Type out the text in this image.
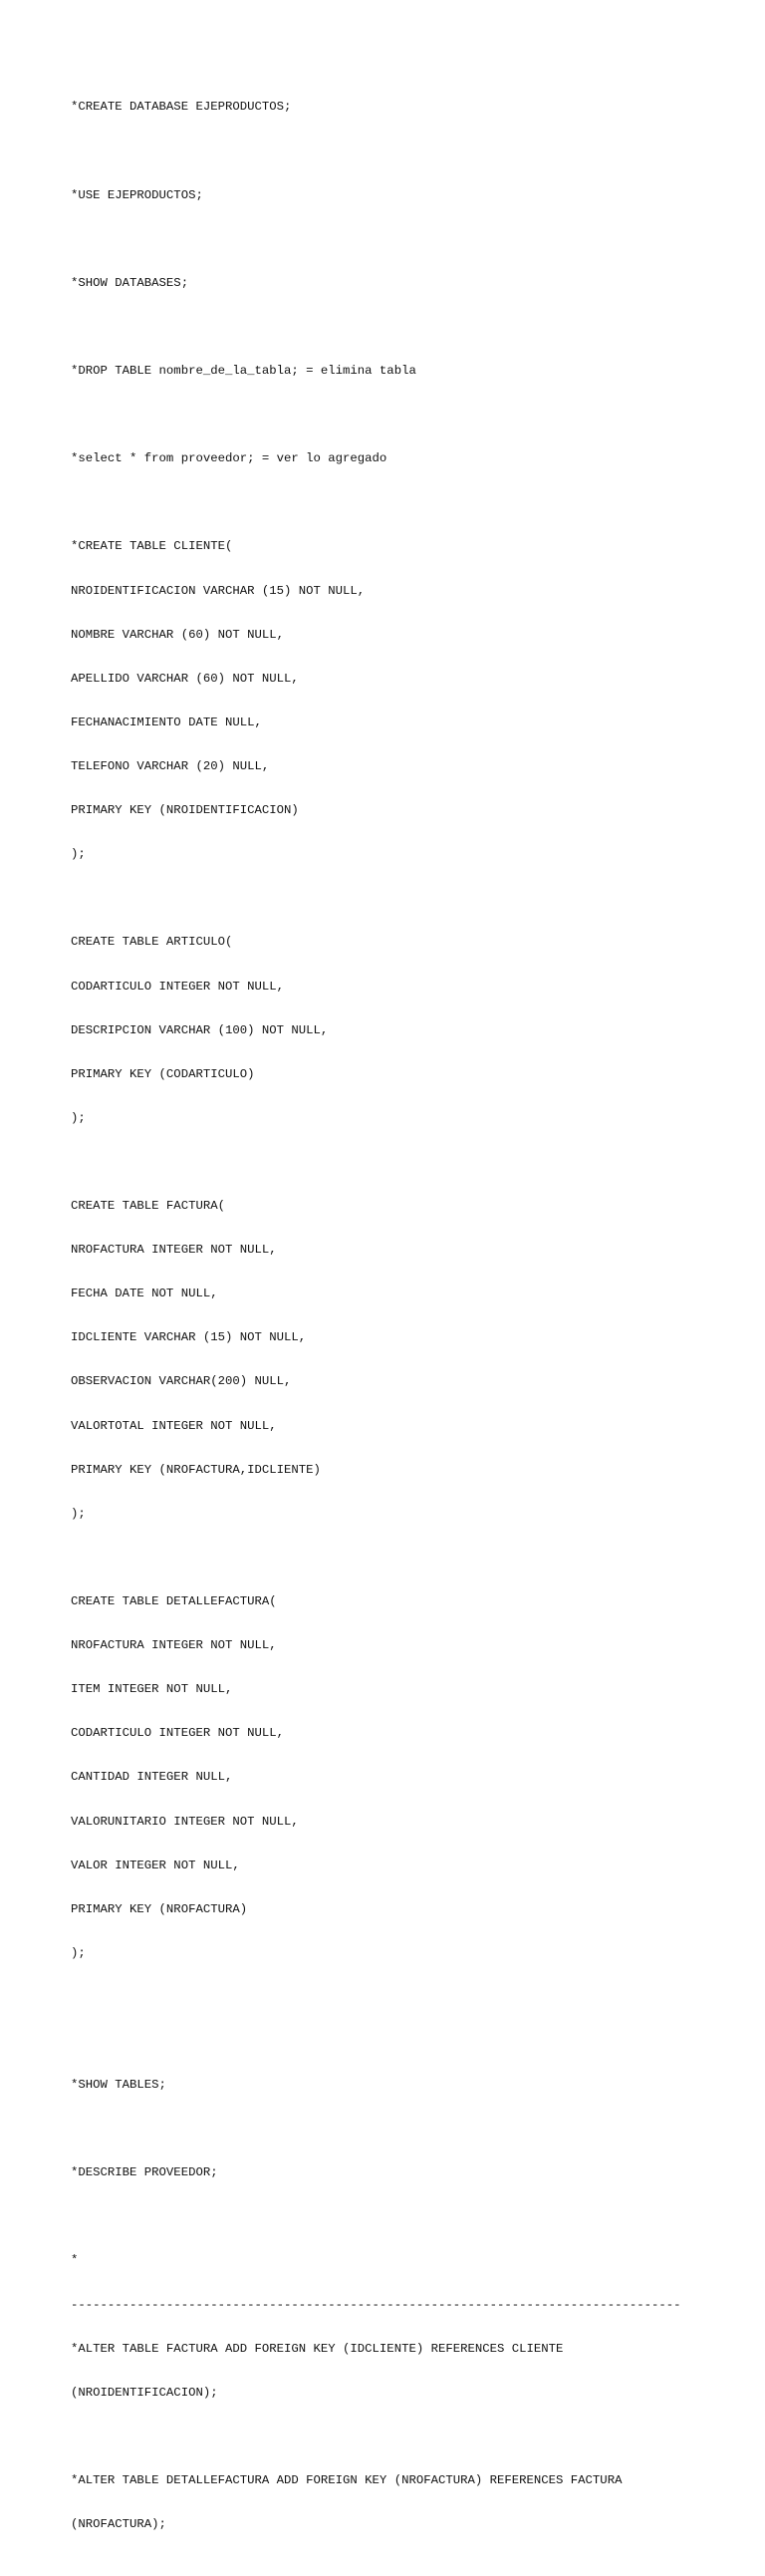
*CREATE DATABASE EJEPRODUCTOS;

*USE EJEPRODUCTOS;

*SHOW DATABASES;

*DROP TABLE nombre_de_la_tabla; = elimina tabla

*select * from proveedor; = ver lo agregado

*CREATE TABLE CLIENTE(

NROIDENTIFICACION VARCHAR (15) NOT NULL,

NOMBRE VARCHAR (60) NOT NULL,

APELLIDO VARCHAR (60) NOT NULL,

FECHANACIMIENTO DATE NULL,

TELEFONO VARCHAR (20) NULL,

PRIMARY KEY (NROIDENTIFICACION)

);

CREATE TABLE ARTICULO(

CODARTICULO INTEGER NOT NULL,

DESCRIPCION VARCHAR (100) NOT NULL,

PRIMARY KEY (CODARTICULO)

);

CREATE TABLE FACTURA(

NROFACTURA INTEGER NOT NULL,

FECHA DATE NOT NULL,

IDCLIENTE VARCHAR (15) NOT NULL,

OBSERVACION VARCHAR(200) NULL,

VALORTOTAL INTEGER NOT NULL,

PRIMARY KEY (NROFACTURA,IDCLIENTE)

);

CREATE TABLE DETALLEFACTURA(

NROFACTURA INTEGER NOT NULL,

ITEM INTEGER NOT NULL,

CODARTICULO INTEGER NOT NULL,

CANTIDAD INTEGER NULL,

VALORUNITARIO INTEGER NOT NULL,

VALOR INTEGER NOT NULL,

PRIMARY KEY (NROFACTURA)

);

*SHOW TABLES;

*DESCRIBE PROVEEDOR;

*

-----------------------------------------------------------------------------------

*ALTER TABLE FACTURA ADD FOREIGN KEY (IDCLIENTE) REFERENCES CLIENTE

(NROIDENTIFICACION);

*ALTER TABLE DETALLEFACTURA ADD FOREIGN KEY (NROFACTURA) REFERENCES FACTURA

(NROFACTURA);
